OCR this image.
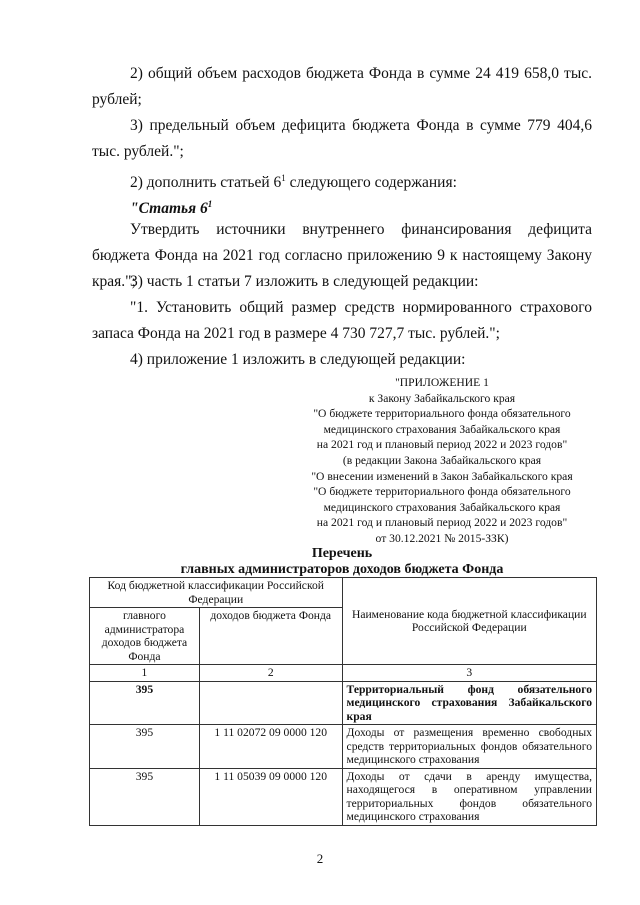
2) общий объем расходов бюджета Фонда в сумме 24 419 658,0 тыс. рублей;
3) предельный объем дефицита бюджета Фонда в сумме 779 404,6 тыс. рублей.";
2) дополнить статьей $6^1$ следующего содержания:
"Статья $6^1$
Утвердить источники внутреннего финансирования дефицита бюджета Фонда на 2021 год согласно приложению 9 к настоящему Закону края.";
3) часть 1 статьи 7 изложить в следующей редакции:
"1. Установить общий размер средств нормированного страхового запаса Фонда на 2021 год в размере 4 730 727,7 тыс. рублей.";
4) приложение 1 изложить в следующей редакции:
"ПРИЛОЖЕНИЕ 1
к Закону Забайкальского края
"О бюджете территориального фонда обязательного
медицинского страхования Забайкальского края
на 2021 год и плановый период 2022 и 2023 годов"
(в редакции Закона Забайкальского края
"О внесении изменений в Закон Забайкальского края
"О бюджете территориального фонда обязательного
медицинского страхования Забайкальского края
на 2021 год и плановый период 2022 и 2023 годов"
от 30.12.2021 № 2015-ЗЗК)
Перечень
главных администраторов доходов бюджета Фонда
Код бюджетной классификации Российской Федерации		Наименование кода бюджетной классификации Российской Федерации
главного администратора доходов бюджета Фонда	доходов бюджета Фонда	
1	2	3
395		Территориальный фонд обязательного медицинского страхования Забайкальского края
395	1 11 02072 09 0000 120	Доходы от размещения временно свободных средств территориальных фондов обязательного медицинского страхования
395	1 11 05039 09 0000 120	Доходы от сдачи в аренду имущества, находящегося в оперативном управлении территориальных фондов обязательного медицинского страхования
2
